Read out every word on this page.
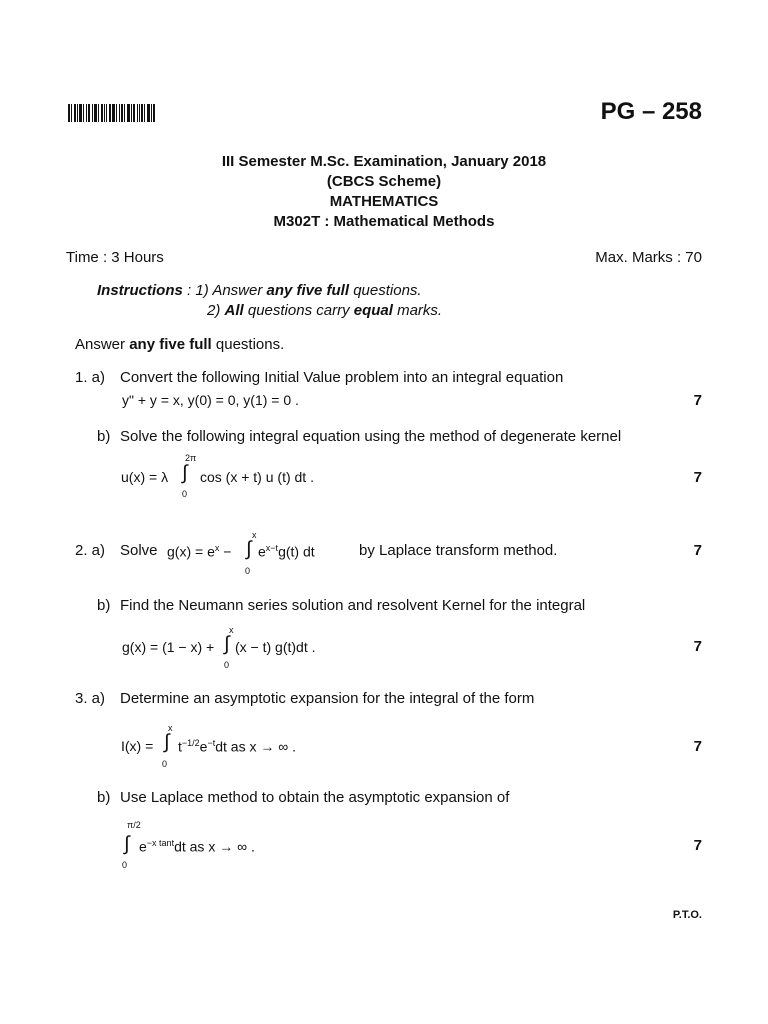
PG – 258
III Semester M.Sc. Examination, January 2018
(CBCS Scheme)
MATHEMATICS
M302T : Mathematical Methods
Time : 3 Hours	Max. Marks : 70
Instructions : 1) Answer any five full questions.
2) All questions carry equal marks.
Answer any five full questions.
1. a) Convert the following Initial Value problem into an integral equation
y" + y = x, y(0) = 0, y(1) = 0 .	7
b) Solve the following integral equation using the method of degenerate kernel
u(x) = λ
2π
∫
0
cos (x + t) u (t) dt .	7
2. a) Solve $g(x) = e^x$ −
x
∫
0
$e^{x-t}g(t)$ dt	by Laplace transform method.	7
b) Find the Neumann series solution and resolvent Kernel for the integral
g(x) = (1 − x) +
x
∫
0
(x − t) g(t)dt .	7
3. a) Determine an asymptotic expansion for the integral of the form
I(x) =
x
∫
0
$t^{-1/2}e^{-t}dt$ as x → ∞ .	7
b) Use Laplace method to obtain the asymptotic expansion of
π/2
∫
0
$e^{-x tant}dt$ as x → ∞ .	7
P.T.O.
